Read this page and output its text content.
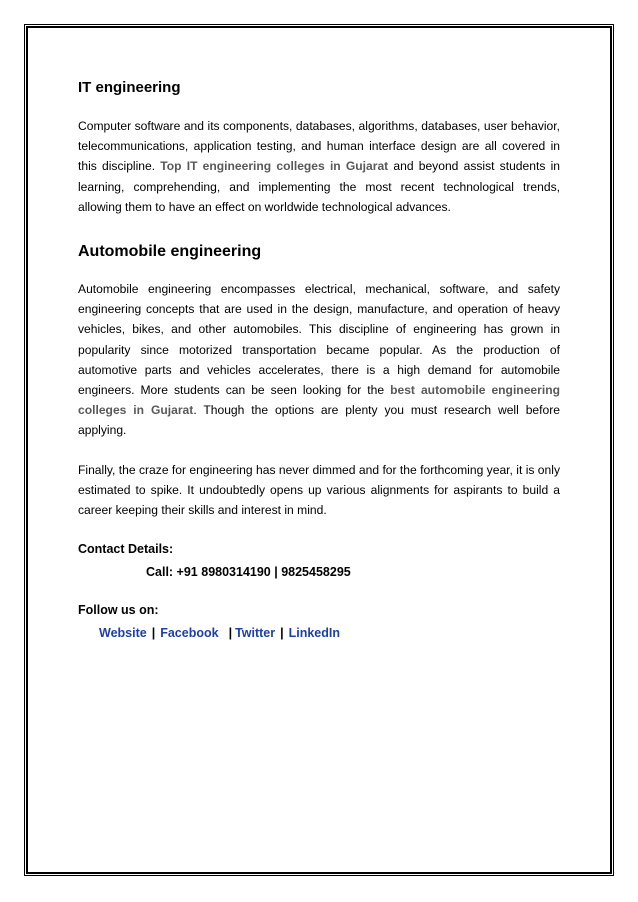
IT engineering

Computer software and its components, databases, algorithms, databases, user behavior, telecommunications, application testing, and human interface design are all covered in this discipline. Top IT engineering colleges in Gujarat and beyond assist students in learning, comprehending, and implementing the most recent technological trends, allowing them to have an effect on worldwide technological advances.

Automobile engineering

Automobile engineering encompasses electrical, mechanical, software, and safety engineering concepts that are used in the design, manufacture, and operation of heavy vehicles, bikes, and other automobiles. This discipline of engineering has grown in popularity since motorized transportation became popular. As the production of automotive parts and vehicles accelerates, there is a high demand for automobile engineers. More students can be seen looking for the best automobile engineering colleges in Gujarat. Though the options are plenty you must research well before applying.

Finally, the craze for engineering has never dimmed and for the forthcoming year, it is only estimated to spike. It undoubtedly opens up various alignments for aspirants to build a career keeping their skills and interest in mind.

Contact Details:
Call: +91 8980314190 | 9825458295
Follow us on:
Website | Facebook | Twitter | LinkedIn
